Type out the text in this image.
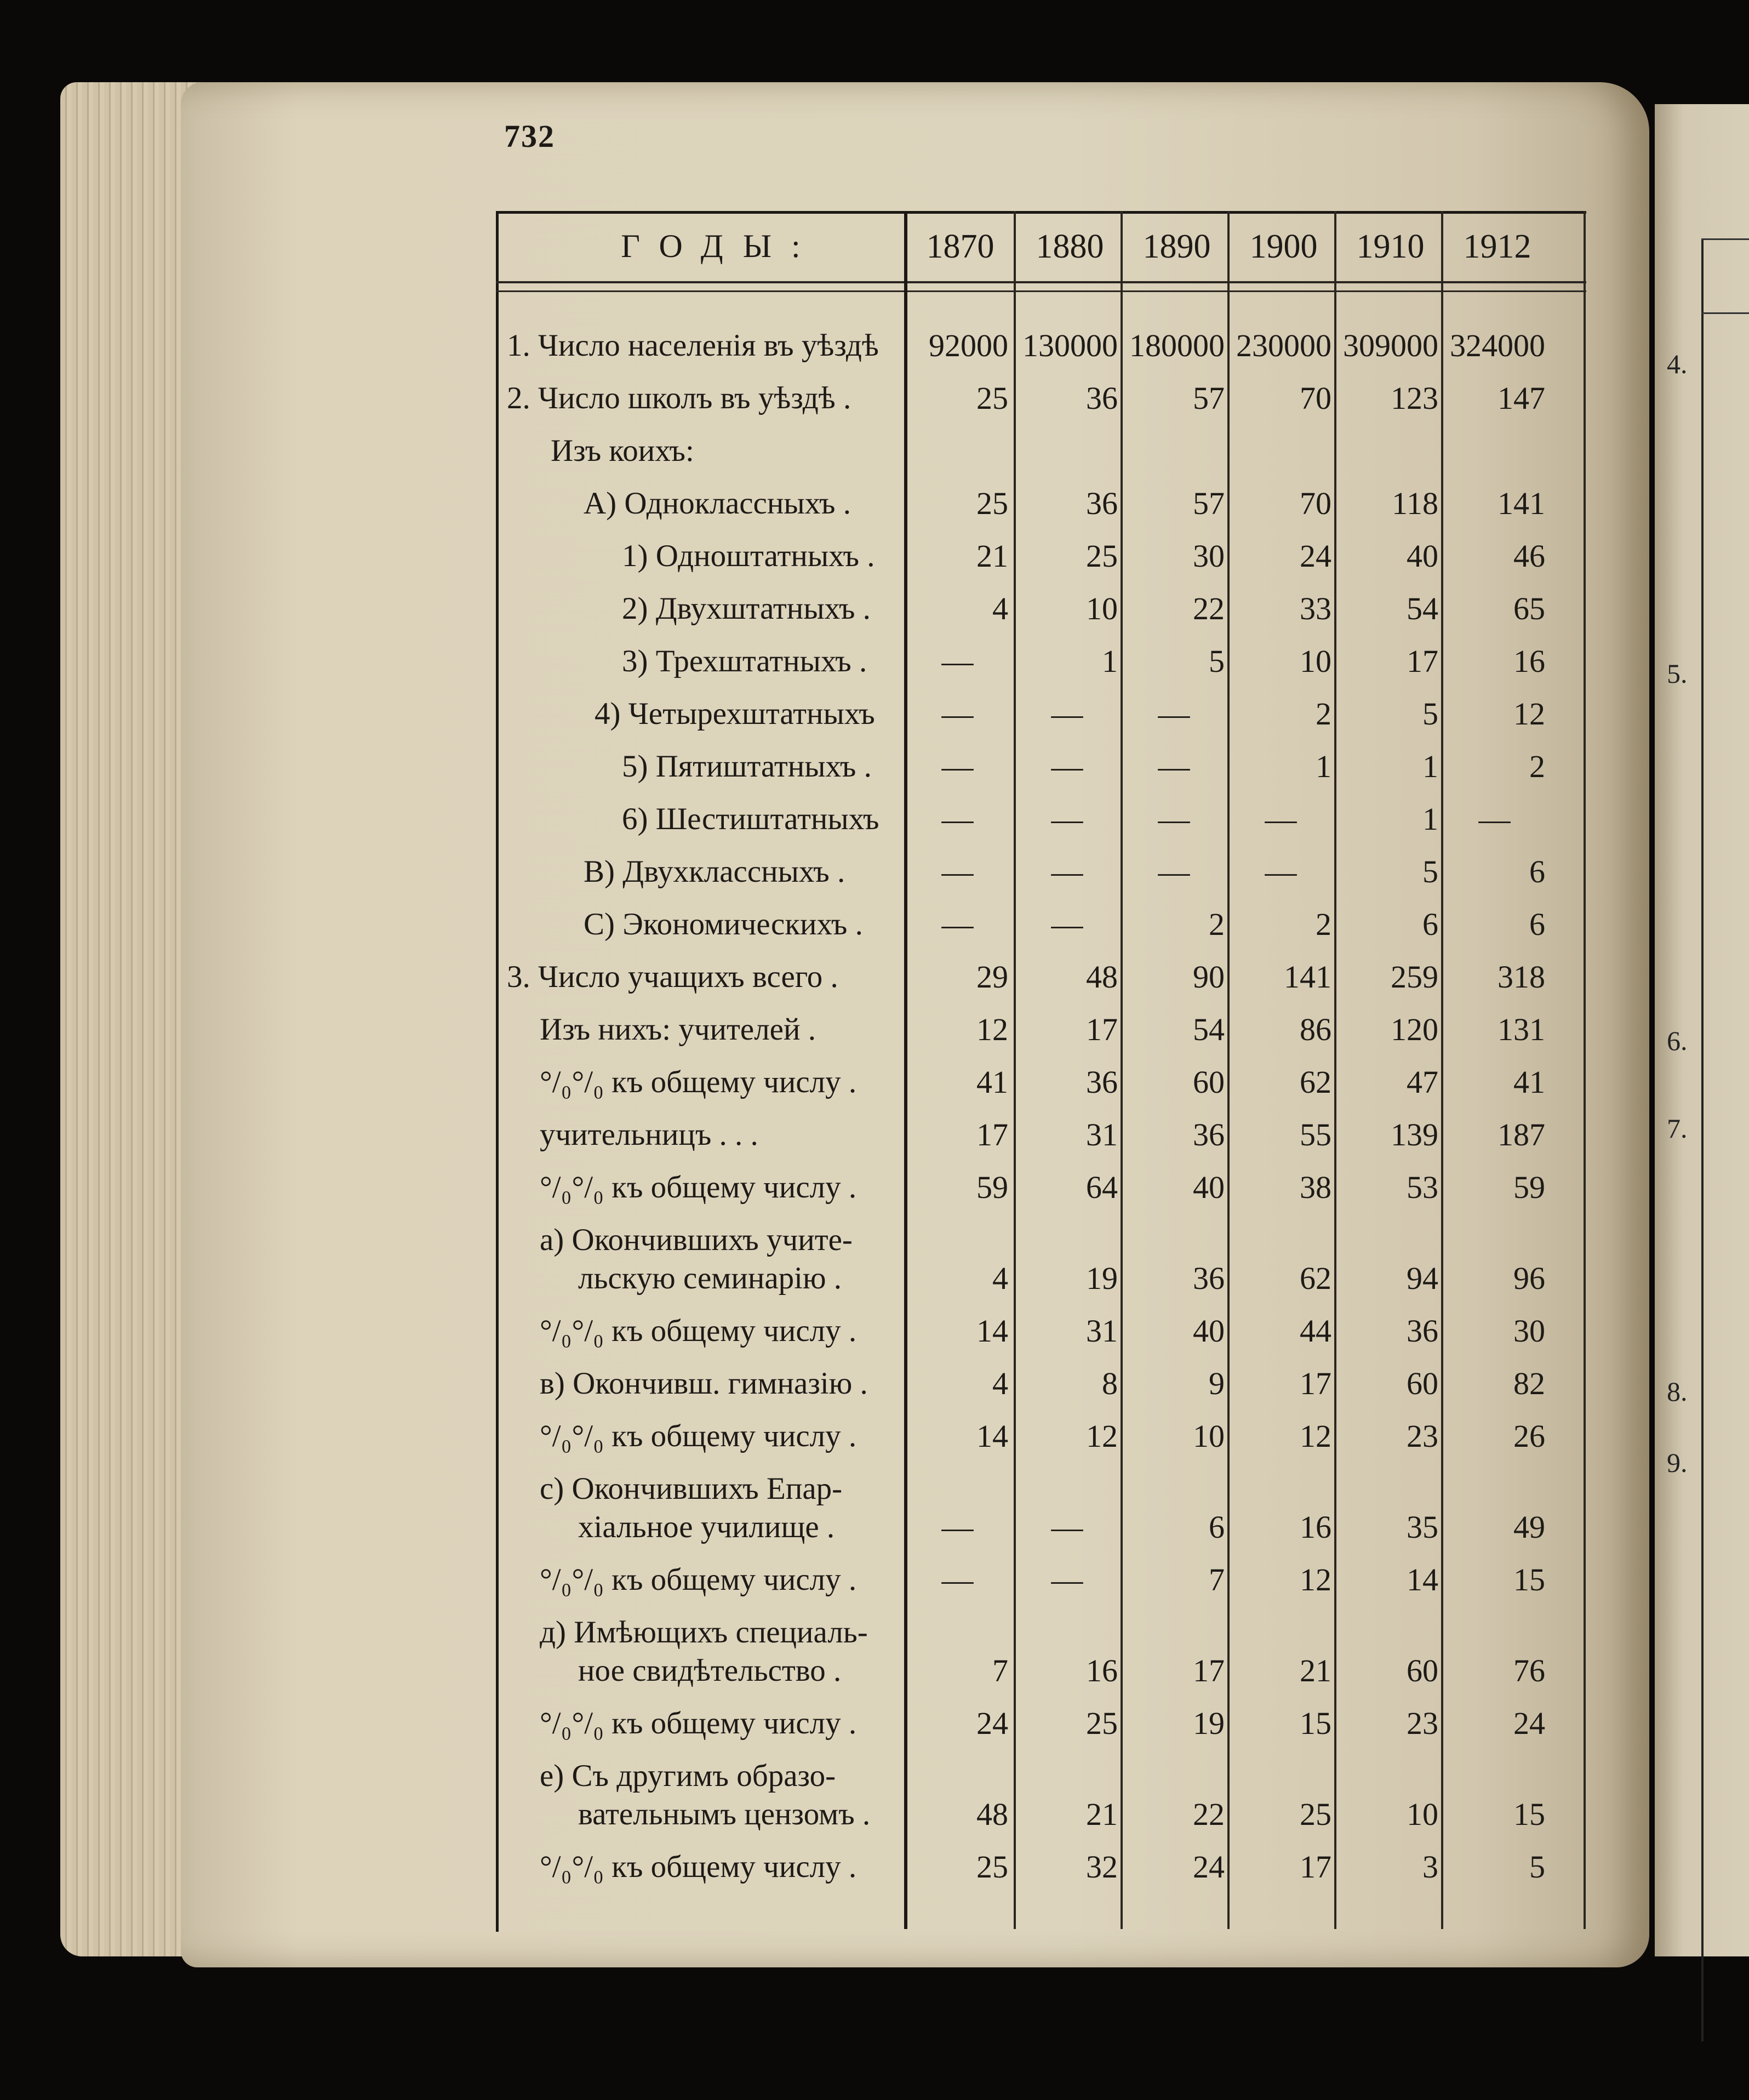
4.
5.
6.
7.
8.
9.
732
ГОДЫ:	1870	1880	1890	1900	1910	1912
1. Число населенія въ уѣздѣ	92000 130000 180000 230000 309000 324000
2. Число школъ въ уѣздѣ .	25	36	57	70	123	147
Изъ коихъ:
А) Одноклассныхъ .	25	36	57	70	118	141
1) Одноштатныхъ .	21	25	30	24	40	46
2) Двухштатныхъ .	4	10	22	33	54	65
3) Трехштатныхъ .	—	1	5	10	17	16
4) Четырехштатныхъ	—	—	—	2	5	12
5) Пятиштатныхъ .	—	—	—	1	1	2
6) Шестиштатныхъ	—	—	—	—	1	—
В) Двухклассныхъ .	—	—	—	—	5	6
С) Экономическихъ .	—	—	2	2	6	6
3. Число учащихъ всего .	29	48	90	141	259	318
Изъ нихъ: учителей .	12	17	54	86	120	131
°/₀°/₀ къ общему числу .	41	36	60	62	47	41
учительницъ . . .	17	31	36	55	139	187
°/₀°/₀ къ общему числу .	59	64	40	38	53	59
а) Окончившихъ учите-
льскую семинарію .	4	19	36	62	94	96
°/₀°/₀ къ общему числу .	14	31	40	44	36	30
в) Окончивш. гимназію .	4	8	9	17	60	82
°/₀°/₀ къ общему числу .	14	12	10	12	23	26
с) Окончившихъ Епар-
хіальное училище .	—	—	6	16	35	49
°/₀°/₀ къ общему числу .	—	—	7	12	14	15
д) Имѣющихъ специаль-
ное свидѣтельство .	7	16	17	21	60	76
°/₀°/₀ къ общему числу .	24	25	19	15	23	24
е) Съ другимъ образо-
вательнымъ цензомъ .	48	21	22	25	10	15
°/₀°/₀ къ общему числу .	25	32	24	17	3	5
